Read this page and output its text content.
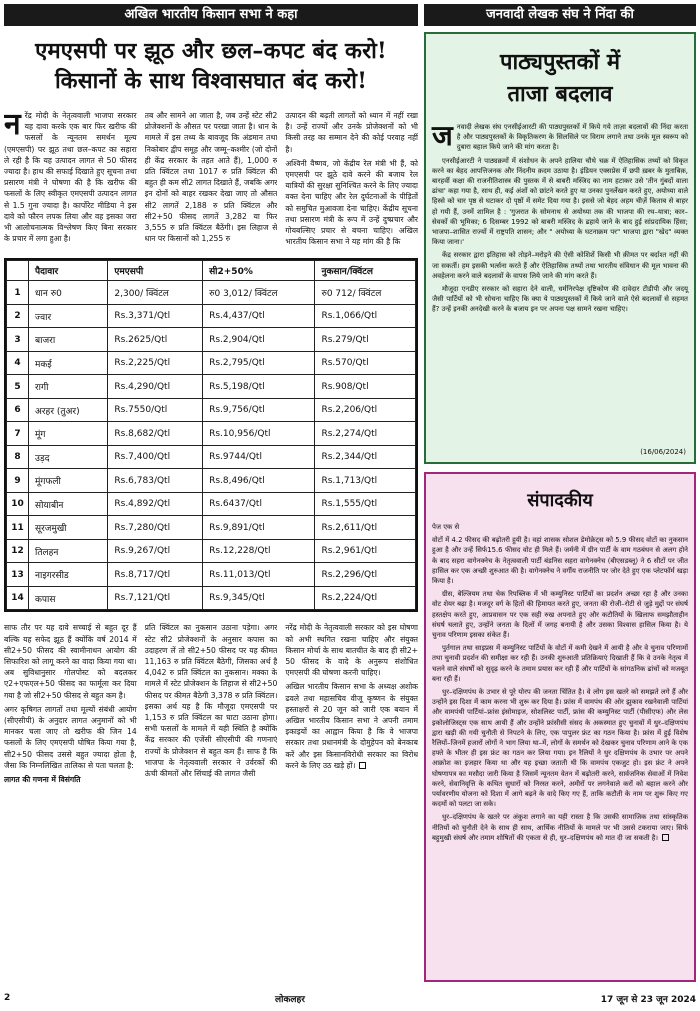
अखिल भारतीय किसान सभा ने कहा
एमएसपी पर झूठ और छल–कपट बंद करो!
किसानों के साथ विश्वासघात बंद करो!
न रेंद्र मोदी के नेतृत्ववाली भाजपा सरकार यह दावा करके एक बार फिर खरीफ की फसलों के न्यूनतम समर्थन मूल्य (एमएसपी) पर झूठ तथा छल–कपट का सहारा ले रही है कि यह उत्पादन लागत से 50 फीसद ज्यादा है। हाथ की सफाई दिखाते हुए सूचना तथा प्रसारण मंत्री ने घोषणा की है कि खरीफ की फसलों के लिए स्वीकृत एमएसपी उत्पादन लागत से 1.5 गुना ज्यादा है। कार्पोरेट मीडिया ने इस दावे को फौरन लपक लिया और वह इसका जरा भी आलोचनात्मक विश्लेषण किए बिना सरकार के प्रचार में लगा हुआ है।
तब और सामने आ जाता है, जब उन्हें स्टेट सी2 प्रोजेक्शनों के औसत पर परखा जाता है। धान के मामले में इस तथ्य के बावजूद कि अंडमान तथा निकोबार द्वीप समूह और जम्मू–कश्मीर (जो दोनों ही केंद्र सरकार के तहत आते हैं), 1,000 रु प्रति क्विंटल तथा 1017 रु प्रति क्विंटल की बहुत ही कम सी2 लागत दिखाते हैं, जबकि अगर इन दोनों को बाहर रखकर देखा जाए तो औसत सी2 लागतें 2,188 रु प्रति क्विंटल और सी2+50 फीसद लागतें 3,282 या फिर 3,555 रु प्रति क्विंटल बैठेंगी। इस लिहाज से धान पर किसानों को 1,255 रु

उत्पादन की बढ़ती लागतों को ध्यान में नहीं रखा है। उन्हें राज्यों और उनके प्रोजेक्शनों को भी किसी तरह का सम्मान देने की कोई परवाह नहीं है।

अश्विनी वैष्णव, जो केंद्रीय रेल मंत्री भी हैं, को एमएसपी पर झूठे दावे करने की बजाय रेल यात्रियों की सुरक्षा सुनिश्चित करने के लिए ज्यादा वक्त देना चाहिए और रेल दुर्घटनाओं के पीड़ितों को समुचित मुआवजा देना चाहिए। केंद्रीय सूचना तथा प्रसारण मंत्री के रूप में उन्हें दुष्प्रचार और गोयबल्सिए प्रचार से बचना चाहिए। अखिल भारतीय किसान सभा ने यह मांग की है कि

	पैदावार	एमएसपी	सी2+50%	नुकसान/क्विंटल
1	धान रु0	2,300/ क्विंटल	रु0 3,012/ क्विंटल	रु0 712/ क्विंटल
2	ज्वार	Rs.3,371/Qtl	Rs.4,437/Qtl	Rs.1,066/Qtl
3	बाजरा	Rs.2625/Qtl	Rs.2,904/Qtl	Rs.279/Qtl
4	मकई	Rs.2,225/Qtl	Rs.2,795/Qtl	Rs.570/Qtl
5	रागी	Rs.4,290/Qtl	Rs.5,198/Qtl	Rs.908/Qtl
6	अरहर (तुअर)	Rs.7550/Qtl	Rs.9,756/Qtl	Rs.2,206/Qtl
7	मूंग	Rs.8,682/Qtl	Rs.10,956/Qtl	Rs.2,274/Qtl
8	उड़द	Rs.7,400/Qtl	Rs.9744/Qtl	Rs.2,344/Qtl
9	मूंगफली	Rs.6,783/Qtl	Rs.8,496/Qtl	Rs.1,713/Qtl
10	सोयाबीन	Rs.4,892/Qtl	Rs.6437/Qtl	Rs.1,555/Qtl
11	सूरजमुखी	Rs.7,280/Qtl	Rs.9,891/Qtl	Rs.2,611/Qtl
12	तिलहन	Rs.9,267/Qtl	Rs.12,228/Qtl	Rs.2,961/Qtl
13	नाइगरसीड	Rs.8,717/Qtl	Rs.11,013/Qtl	Rs.2,296/Qtl
14	कपास	Rs.7,121/Qtl	Rs.9,345/Qtl	Rs.2,224/Qtl

साफ तौर पर यह दावे सच्चाई से बहुत दूर हैं बल्कि यह सफेद झूठ हैं क्योंकि वर्ष 2014 में सी2+50 फीसद की स्वामीनाथन आयोग की सिफारिश को लागू करने का वादा किया गया था। अब सुविधानुसार गोलपोस्ट को बदलकर ए2+एफएल+50 फीसद का फार्मूला कर दिया गया है जो सी2+50 फीसद से बहुत कम है।

अगर कृषिगत लागतों तथा मूल्यों संबंधी आयोग (सीएसीपी) के अनुदार लागत अनुमानों को भी मानकर चला जाए तो खरीफ की जिन 14 फसलों के लिए एमएसपी घोषित किया गया है, सी2+50 फीसद उससे बहुत ज्यादा होता है, जैसा कि निम्नलिखित तालिका से पता चलता है:

लागत की गणना में विसंगति

प्रति क्विंटल का नुकसान उठाना पड़ेगा। अगर स्टेट सी2 प्रोजेक्शनों के अनुसार कपास का उदाहरण लें तो सी2+50 फीसद पर यह कीमत 11,163 रु प्रति क्विंटल बैठेगी, जिसका अर्थ है 4,042 रु प्रति क्विंटल का नुकसान। मक्का के मामले में स्टेट प्रोजेक्शन के लिहाज से सी2+50 फीसद पर कीमत बैठेगी 3,378 रु प्रति क्विंटल। इसका अर्थ यह है कि मौजूदा एमएसपी पर 1,153 रु प्रति क्विंटल का घाटा उठाना होगा। सभी फसलों के मामले में यही स्थिति है क्योंकि केंद्र सरकार की एजेंसी सीएसीपी की गणनाएं राज्यों के प्रोजेक्शन से बहुत कम हैं। साफ है कि भाजपा के नेतृत्ववाली सरकार ने उर्वरकों की ऊंची कीमतों और सिंचाई की लागत जैसी

नरेंद्र मोदी के नेतृत्ववाली सरकार को इस घोषणा को अभी स्थगित रखना चाहिए और संयुक्त किसान मोर्चा के साथ बातचीत के बाद ही सी2+ 50 फीसद के वादे के अनुरूप संशोधित एमएसपी की घोषणा करनी चाहिए।

अखिल भारतीय किसान सभा के अध्यक्ष अशोक ढवले तथा महासचिव वीजू कृष्णन के संयुक्त हस्ताक्षरों से 20 जून को जारी एक बयान में अखिल भारतीय किसान सभा ने अपनी तमाम इकाइयों का आह्वान किया है कि वे भाजपा सरकार तथा प्रधानमंत्री के दोमुहेपन को बेनकाब करें और इस किसानविरोधी सरकार का विरोध करने के लिए उठ खड़े हों।

जनवादी लेखक संघ ने निंदा की
पाठ्यपुस्तकों में
ताजा बदलाव

ज नवादी लेखक संघ एनसीईआरटी की पाठ्यपुस्तकों में किये गये ताज़ा बदलावों की निंदा करता है और पाठ्यपुस्तकों के विकृतिकरण के सिलसिले पर विराम लगाने तथा उनके मूल स्वरूप को दुबारा बहाल किये जाने की मांग करता है।

एनसीईआरटी ने पाठ्यक्रमों में संशोधन के अपने हालिया चौथे चक्र में ऐतिहासिक तथ्यों को विकृत करने का बेहद आपत्तिजनक और निंदनीय क़दम उठाया है। इंडियन एक्सप्रेस में छपी ख़बर के मुताबिक़, बारहवीं कक्षा की राजनीतिशास्त्र की पुस्तक में से बाबरी मस्जिद का नाम हटाकर उसे 'तीन गुंबदों वाला ढांचा' कहा गया है, साथ ही, कई अंशों को छांटने करते हुए या उनका पुनर्लेखन करते हुए, अयोध्या वाले हिस्से को चार पृष्ठ से घटाकर दो पृष्ठों में समेट दिया गया है। इससे जो बेहद अहम चीज़ें किताब से बाहर हो गयी हैं, उनमें शामिल है : 'गुजरात के सोमनाथ से अयोध्या तक की भाजपा की रथ–यात्रा; कार–सेवकों की भूमिका; 6 दिसम्बर 1992 को बाबरी मस्जिद के ढहाये जाने के बाद हुई सांप्रदायिक हिंसा; भाजपा–शासित राज्यों में राष्ट्रपति शासन; और " अयोध्या के घटनाक्रम पर" भाजपा द्वारा "खेद" व्यक्त किया जाना।'

केंद्र सरकार द्वारा इतिहास को तोड़ने–मरोड़ने की ऐसी कोशिशें किसी भी क़ीमत पर बर्दाश्त नहीं की जा सकतीं। हम इसकी भर्त्सना करते हैं और ऐतिहासिक तथ्यों तथा भारतीय संविधान की मूल भावना की अवहेलना करने वाले बदलावों के वापस लिये जाने की मांग करते हैं।

मौजूदा एनडीए सरकार को सहारा देने वाली, धर्मनिरपेक्ष दृष्टिकोण की दावेदार टीडीपी और जदयू जैसी पार्टियों को भी सोचना चाहिए कि क्या ये पाठ्यपुस्तकों में किये जाने वाले ऐसे बदलावों से सहमत हैं? उन्हें इनकी अनदेखी करने के बजाय इन पर अपना पक्ष सामने रखना चाहिए।

(16/06/2024)
संपादकीय

पेज एक से

वोटों में 4.2 फीसद की बढ़ोतरी हुयी है। वहां शासक सोशल डेमोक्रेट्स को 5.9 फीसद वोटों का नुकसान हुआ है और उन्हें सिर्फ15.6 फीसद वोट ही मिले हैं। जर्मनी में ग्रीन पार्टी के वाम गठबंधन से अलग होने के बाद सहरा वागेनक्नेच के नेतृत्ववाली पार्टी बंडनिस सहरा वागेनक्नेच (बीएसडब्लू) ने 6 सीटों पर जीत हासिल कर एक अच्छी शुरुआत की है। वागेनक्नेच ने वर्गीय राजनीति पर जोर देते हुए एक प्लेटफॉर्म खड़ा किया है।

ग्रीस, बेल्जियम तथा चेक रिपब्लिक में भी कम्युनिस्ट पार्टियों का प्रदर्शन अच्छा रहा है और उनका वोट शेयर बढ़ा है। मजदूर वर्ग के हितों की हिमायत करते हुए, जनता की रोजी–रोटी से जुड़े मुद्दों पर संघर्ष हस्तक्षेप करते हुए, आप्रवासन पर एक सही रुख अपनाते हुए और कटौतियों के खिलाफ समझौताहीन संघर्ष चलाते हुए, उन्होंने जनता के दिलों में जगह बनायी है और उसका विश्वास हासिल किया है। ये चुनाव परिणाम इसका संकेत हैं।

पुर्तगाल तथा साइप्रस में कम्युनिस्ट पार्टियों के वोटों में कमी देखने में आयी है और वे चुनाव परिणामों तथा चुनावी प्रदर्शन की समीक्षा कर रही हैं। उनकी शुरुआती प्रतिक्रियाएं दिखाती हैं कि वे उनके नेतृत्व में चलने वाले संघर्षों को सुदृढ़ करने के तमाम प्रयास कर रही हैं और पार्टियों के सांगठनिक ढांचों को मजबूत बना रही हैं।

धुर–दक्षिणपंथ के उभार से पूरे योरप की जनता चिंतित है। वे लोग इस खतरे को समझते लगे हैं और उन्होंने इस दिशा में काम करना भी शुरू कर दिया है। फ्रांस में वामपंथ की ओर झुकाव रखनेवाली पार्टियां और वामपंथी पार्टियां–फ्रांस इंसोमाइज, सोशलिस्ट पार्टी, फ्रांस की कम्युनिस्ट पार्टी (पीसीएफ) और लेस इकोलोजिस्ट्स एक साथ आयी हैं और उन्होंने फ्रांसीसी संसद के अकस्मात हुए चुनावों में धुर–दक्षिणपंथ द्वारा खड़ी की गयी चुनौती से निपटने के लिए, एक पापुलर फ्रंट का गठन किया है। फ्रांस में हुई विशेष रैलियों–जिनमें हजारों लोगों ने भाग लिया था–में, लोगों के समर्थन को देखकर चुनाव परिणाम आने के एक हफ्ते के भीतर ही इस फ्रंट का गठन कर लिया गया। इन रैलियों ने धुर दक्षिणपंथ के उभार पर अपने आक्रोश का इजहार किया था और यह इच्छा जताती थी कि वामपंथ एकजुट हो। इस फ्रंट ने अपने घोषणापत्र का मसौदा जारी किया है जिसमें न्यूनतम वेतन में बढ़ोतरी करने, सार्वजनिक सेवाओं में निवेश करने, सेवानिवृत्ति के कथित सुधारों को निरस्त करने, अमीरों पर लगनेवाले करों को बहाल करने और पर्यावरणीय योजना को दिशा में आगे बढ़ने के वादे किए गए हैं, ताकि कटौती के नाम पर शुरू किए गए कदमों को पलटा जा सके।

धुर–दक्षिणपंथ के खतरे पर अंकुश लगाने का यही रास्ता है कि उसकी सामाजिक तथा सांस्कृतिक नीतियों को चुनौती देने के साथ ही साथ, आर्थिक नीतियों के मामले पर भी उससे टकराया जाए। सिर्फ बहुमुखी संघर्ष और तमाम शोषितों की एकता से ही, धुर–दक्षिणपंथ को मात दी जा सकती है।

2	लोकलहर	17 जून से 23 जून 2024
